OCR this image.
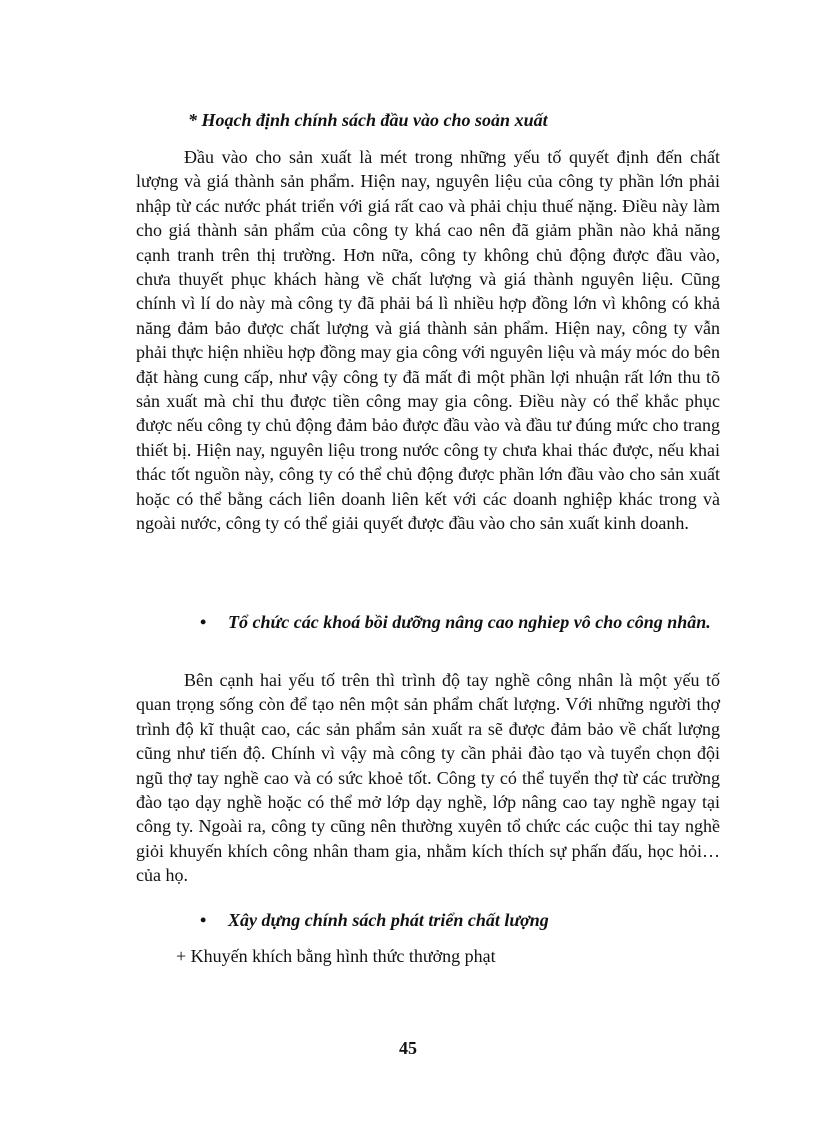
* Hoạch định chính sách đầu vào cho soản xuất
Đầu vào cho sản xuất là mét trong những yếu tố quyết định đến chất lượng và giá thành sản phẩm. Hiện nay, nguyên liệu của công ty phần lớn phải nhập từ các nước phát triển với giá rất cao và phải chịu thuế nặng. Điều này làm cho giá thành sản phẩm của công ty khá cao nên đã giảm phần nào khả năng cạnh tranh trên thị trường. Hơn nữa, công ty không chủ động được đầu vào, chưa thuyết phục khách hàng về chất lượng và giá thành nguyên liệu. Cũng chính vì lí do này mà công ty đã phải bá lì nhiều hợp đồng lớn vì không có khả năng đảm bảo được chất lượng và giá thành sản phẩm. Hiện nay, công ty vẫn phải thực hiện nhiều hợp đồng may gia công với nguyên liệu và máy móc do bên đặt hàng cung cấp, như vậy công ty đã mất đi một phần lợi nhuận rất lớn thu tõ sản xuất mà chỉ thu được tiền công may gia công. Điều này có thể khắc phục được nếu công ty chủ động đảm bảo được đầu vào và đầu tư đúng mức cho trang thiết bị. Hiện nay, nguyên liệu trong nước công ty chưa khai thác được, nếu khai thác tốt nguồn này, công ty có thể chủ động được phần lớn đầu vào cho sản xuất hoặc có thể bằng cách liên doanh liên kết với các doanh nghiệp khác trong và ngoài nước, công ty có thể giải quyết được đầu vào cho sản xuất kinh doanh.
• Tổ chức các khoá bồi dưỡng nâng cao nghiep vô cho công nhân.
Bên cạnh hai yếu tố trên thì trình độ tay nghề công nhân là một yếu tố quan trọng sống còn để tạo nên một sản phẩm chất lượng. Với những người thợ trình độ kĩ thuật cao, các sản phẩm sản xuất ra sẽ được đảm bảo về chất lượng cũng như tiến độ. Chính vì vậy mà công ty cần phải đào tạo và tuyển chọn đội ngũ thợ tay nghề cao và có sức khoẻ tốt. Công ty có thể tuyển thợ từ các trường đào tạo dạy nghề hoặc có thể mở lớp dạy nghề, lớp nâng cao tay nghề ngay tại công ty. Ngoài ra, công ty cũng nên thường xuyên tổ chức các cuộc thi tay nghề giỏi khuyến khích công nhân tham gia, nhằm kích thích sự phấn đấu, học hỏi… của họ.
• Xây dựng chính sách phát triển chất lượng
+ Khuyến khích bằng hình thức thưởng phạt
45
